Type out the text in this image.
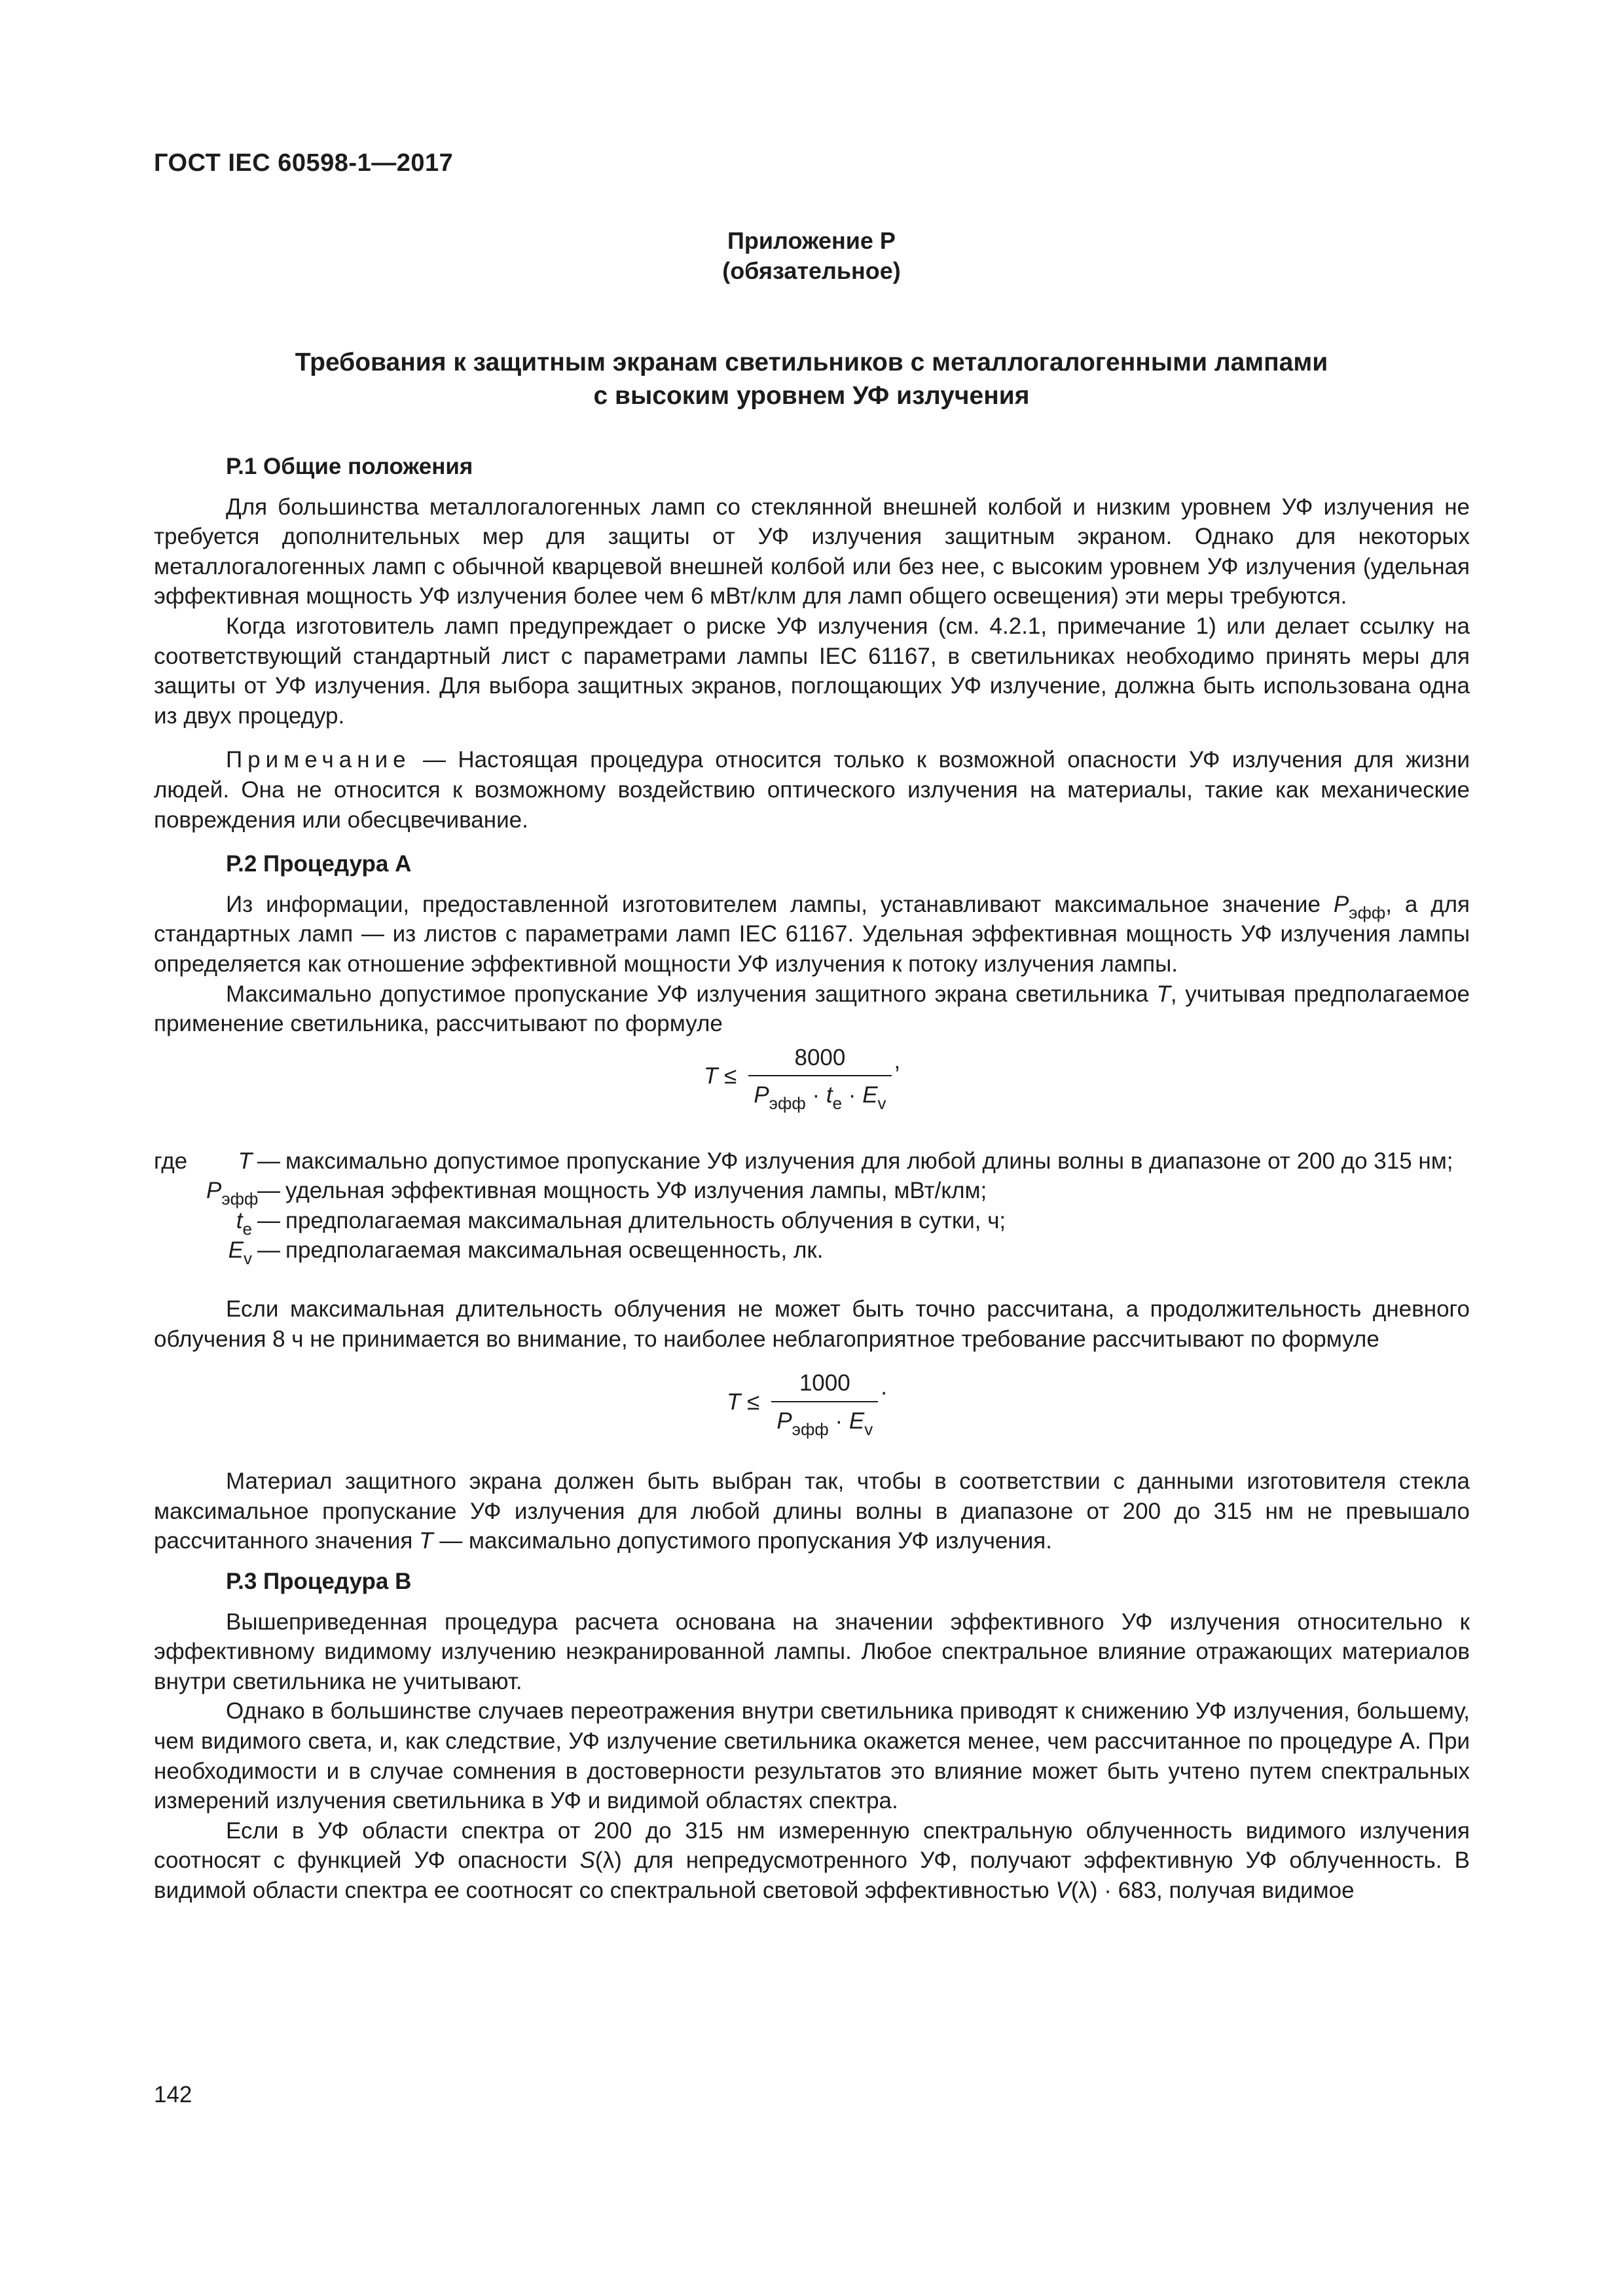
ГОСТ IEC 60598-1—2017
Приложение Р
(обязательное)
Требования к защитным экранам светильников с металлогалогенными лампами
с высоким уровнем УФ излучения
Р.1 Общие положения

Для большинства металлогалогенных ламп со стеклянной внешней колбой и низким уровнем УФ излучения не требуется дополнительных мер для защиты от УФ излучения защитным экраном. Однако для некоторых металлогалогенных ламп с обычной кварцевой внешней колбой или без нее, с высоким уровнем УФ излучения (удельная эффективная мощность УФ излучения более чем 6 мВт/клм для ламп общего освещения) эти меры требуются.

Когда изготовитель ламп предупреждает о риске УФ излучения (см. 4.2.1, примечание 1) или делает ссылку на соответствующий стандартный лист с параметрами лампы IEC 61167, в светильниках необходимо принять меры для защиты от УФ излучения. Для выбора защитных экранов, поглощающих УФ излучение, должна быть использована одна из двух процедур.

Примечание — Настоящая процедура относится только к возможной опасности УФ излучения для жизни людей. Она не относится к возможному воздействию оптического излучения на материалы, такие как механические повреждения или обесцвечивание.

Р.2 Процедура А

Из информации, предоставленной изготовителем лампы, устанавливают максимальное значение $P_{эфф}$, а для стандартных ламп — из листов с параметрами ламп IEC 61167. Удельная эффективная мощность УФ излучения лампы определяется как отношение эффективной мощности УФ излучения к потоку излучения лампы.

Максимально допустимое пропускание УФ излучения защитного экрана светильника T, учитывая предполагаемое применение светильника, рассчитывают по формуле

$T \le \frac{8000}{P_{эфф} \cdot t_e \cdot E_v}$ ,
где	T — максимально допустимое пропускание УФ излучения для любой длины волны в диапазоне от 200 до 315 нм;
$P_{эфф}$
— удельная эффективная мощность УФ излучения лампы, мВт/клм;
$t_e$ — предполагаемая максимальная длительность облучения в сутки, ч;
$E_v$ — предполагаемая максимальная освещенность, лк.

Если максимальная длительность облучения не может быть точно рассчитана, а продолжительность дневного облучения 8 ч не принимается во внимание, то наиболее неблагоприятное требование рассчитывают по формуле

$T \le \frac{1000}{P_{эфф} \cdot E_v}$ .

Материал защитного экрана должен быть выбран так, чтобы в соответствии с данными изготовителя стекла максимальное пропускание УФ излучения для любой длины волны в диапазоне от 200 до 315 нм не превышало рассчитанного значения T — максимально допустимого пропускания УФ излучения.

Р.3 Процедура В

Вышеприведенная процедура расчета основана на значении эффективного УФ излучения относительно к эффективному видимому излучению неэкранированной лампы. Любое спектральное влияние отражающих материалов внутри светильника не учитывают.

Однако в большинстве случаев переотражения внутри светильника приводят к снижению УФ излучения, большему, чем видимого света, и, как следствие, УФ излучение светильника окажется менее, чем рассчитанное по процедуре А. При необходимости и в случае сомнения в достоверности результатов это влияние может быть учтено путем спектральных измерений излучения светильника в УФ и видимой областях спектра.

Если в УФ области спектра от 200 до 315 нм измеренную спектральную облученность видимого излучения соотносят с функцией УФ опасности S(λ) для непредусмотренного УФ, получают эффективную УФ облученность. В видимой области спектра ее соотносят со спектральной световой эффективностью V(λ) · 683, получая видимое

142
